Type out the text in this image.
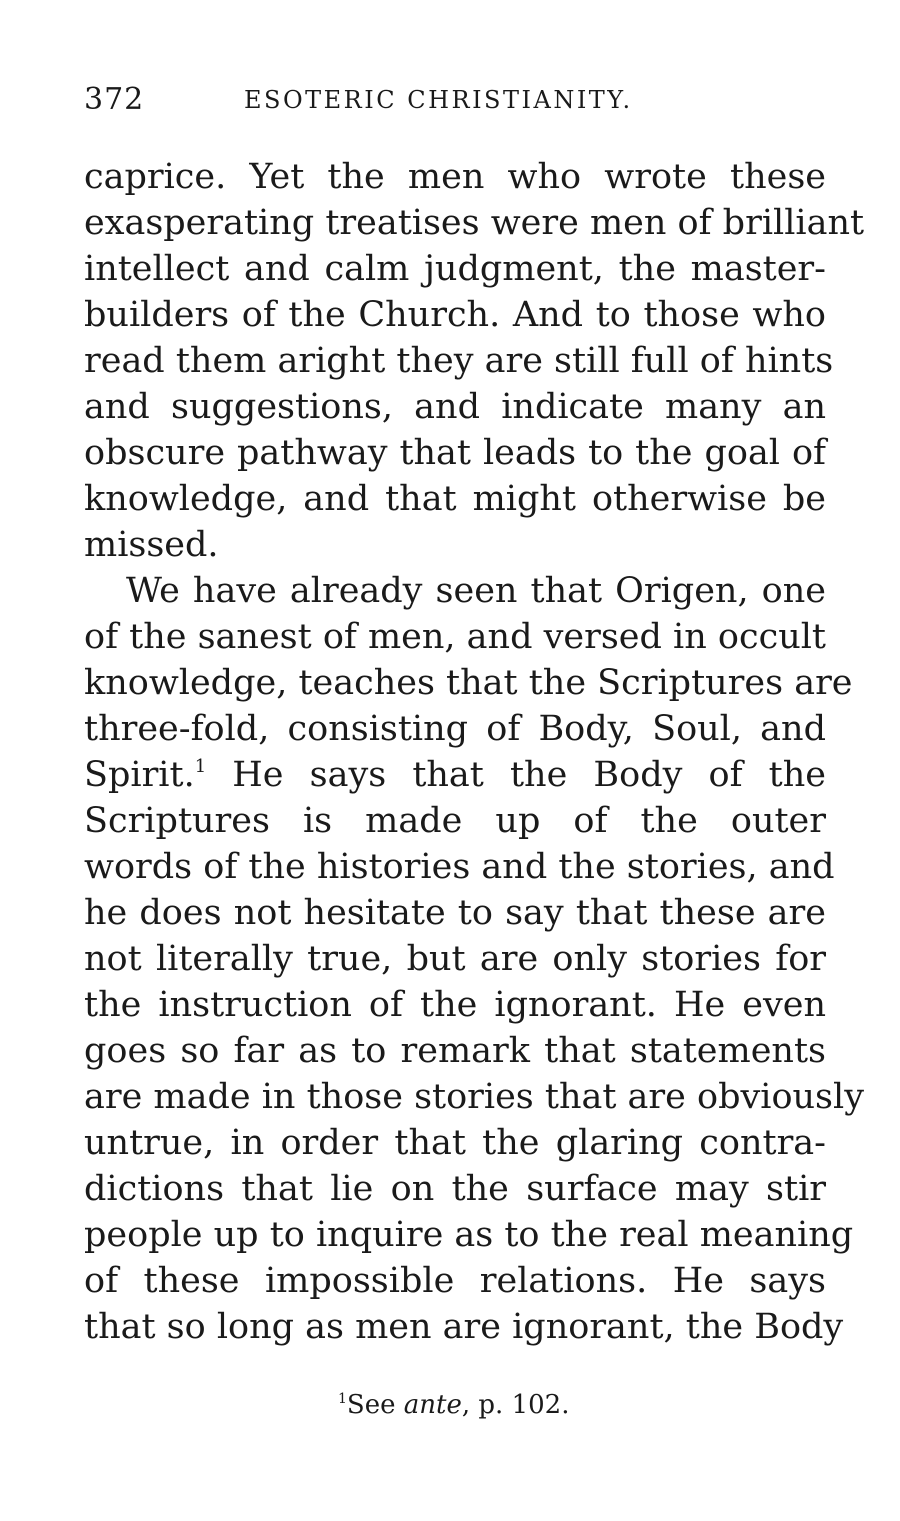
372	ESOTERIC CHRISTIANITY.
caprice. Yet the men who wrote these
exasperating treatises were men of brilliant
intellect and calm judgment, the master-
builders of the Church. And to those who
read them aright they are still full of hints
and suggestions, and indicate many an
obscure pathway that leads to the goal of
knowledge, and that might otherwise be
missed.
We have already seen that Origen, one
of the sanest of men, and versed in occult
knowledge, teaches that the Scriptures are
three-fold, consisting of Body, Soul, and
Spirit.$^1$ He says that the Body of the
Scriptures is made up of the outer
words of the histories and the stories, and
he does not hesitate to say that these are
not literally true, but are only stories for
the instruction of the ignorant. He even
goes so far as to remark that statements
are made in those stories that are obviously
untrue, in order that the glaring contra-
dictions that lie on the surface may stir
people up to inquire as to the real meaning
of these impossible relations. He says
that so long as men are ignorant, the Body
$^1$See ante, p. 102.
